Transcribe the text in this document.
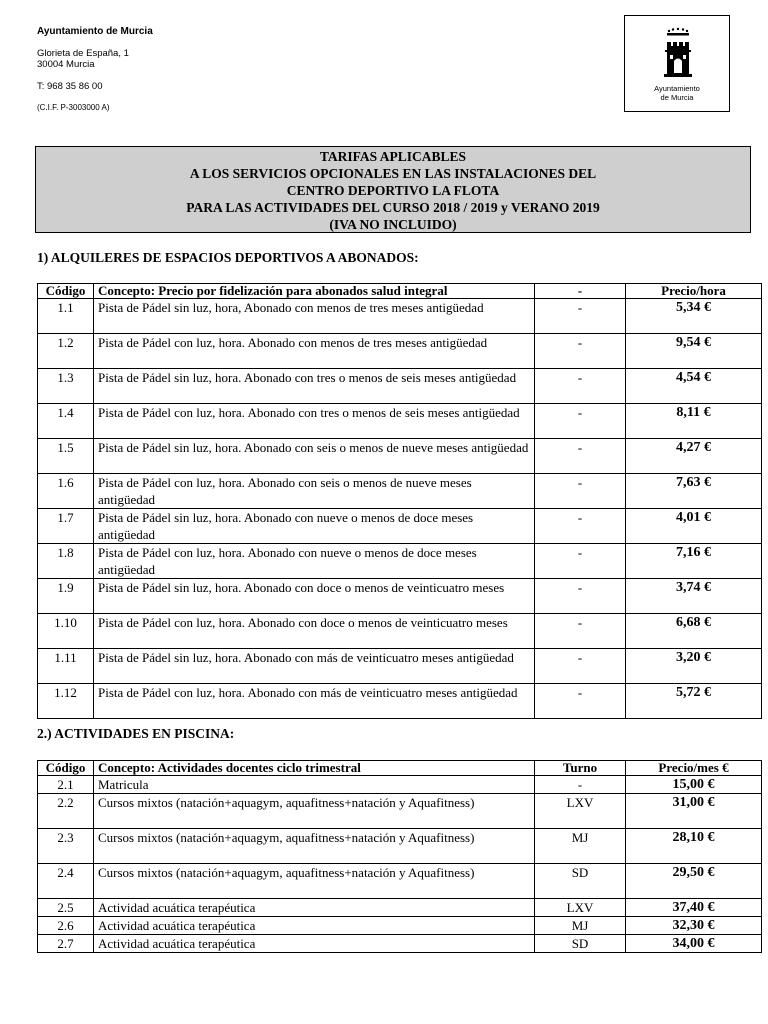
Ayuntamiento de Murcia
Glorieta de España, 1
30004 Murcia
T: 968 35 86 00
(C.I.F. P-3003000 A)
Ayuntamiento
de Murcia
TARIFAS APLICABLES
A LOS SERVICIOS OPCIONALES EN LAS INSTALACIONES DEL
CENTRO DEPORTIVO LA FLOTA
PARA LAS ACTIVIDADES DEL CURSO 2018 / 2019 y VERANO 2019
(IVA NO INCLUIDO)
1) ALQUILERES DE ESPACIOS DEPORTIVOS A ABONADOS:
Código	Concepto: Precio por fidelización para abonados salud integral	-	Precio/hora
1.1	Pista de Pádel sin luz, hora, Abonado con menos de tres meses antigüedad	-	5,34 €
1.2	Pista de Pádel con luz, hora. Abonado con menos de tres meses antigüedad	-	9,54 €
1.3	Pista de Pádel sin luz, hora. Abonado con tres o menos de seis meses antigüedad	-	4,54 €
1.4	Pista de Pádel con luz, hora. Abonado con tres o menos de seis meses antigüedad	-	8,11 €
1.5	Pista de Pádel sin luz, hora. Abonado con seis o menos de nueve meses antigüedad	-	4,27 €
1.6	Pista de Pádel con luz, hora. Abonado con seis o menos de nueve meses antigüedad	-	7,63 €
1.7	Pista de Pádel sin luz, hora. Abonado con nueve o menos de doce meses antigüedad	-	4,01 €
1.8	Pista de Pádel con luz, hora. Abonado con nueve o menos de doce meses antigüedad	-	7,16 €
1.9	Pista de Pádel sin luz, hora. Abonado con doce o menos de veinticuatro meses	-	3,74 €
1.10	Pista de Pádel con luz, hora. Abonado con doce o menos de veinticuatro meses	-	6,68 €
1.11	Pista de Pádel sin luz, hora. Abonado con más de veinticuatro meses antigüedad	-	3,20 €
1.12	Pista de Pádel con luz, hora. Abonado con más de veinticuatro meses antigüedad	-	5,72 €
2.) ACTIVIDADES EN PISCINA:
Código	Concepto: Actividades docentes ciclo trimestral	Turno	Precio/mes €
2.1	Matricula	-	15,00 €
2.2	Cursos mixtos (natación+aquagym, aquafitness+natación y Aquafitness)	LXV	31,00 €
2.3	Cursos mixtos (natación+aquagym, aquafitness+natación y Aquafitness)	MJ	28,10 €
2.4	Cursos mixtos (natación+aquagym, aquafitness+natación y Aquafitness)	SD	29,50 €
2.5	Actividad acuática terapéutica	LXV	37,40 €
2.6	Actividad acuática terapéutica	MJ	32,30 €
2.7	Actividad acuática terapéutica	SD	34,00 €
